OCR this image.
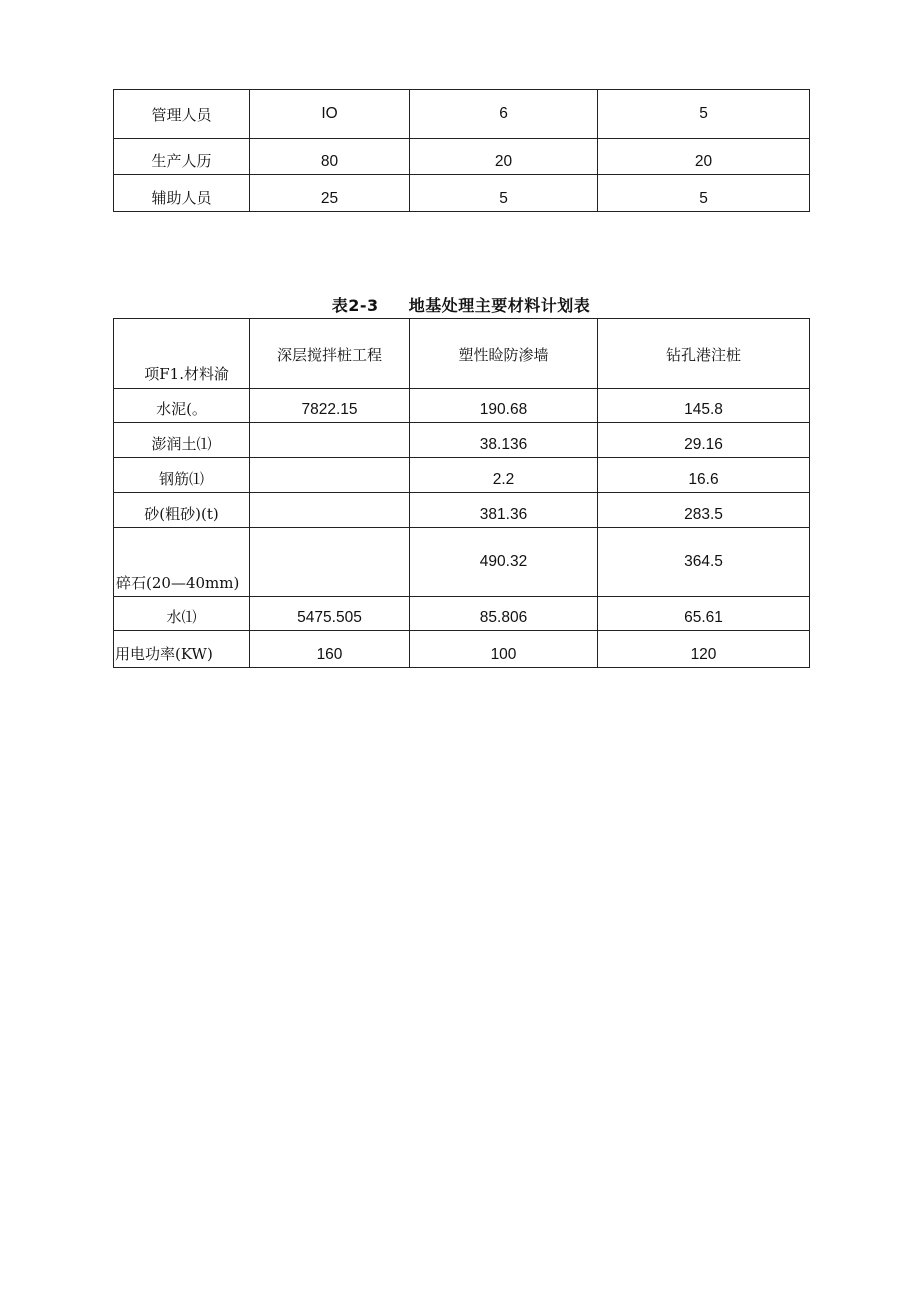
管理人员	IO	6	5
生产人历	80	20	20
辅助人员	25	5	5
表2-3 地基处理主要材料计划表
项F1.材料渝	深层搅拌桩工程	塑性睑防渗墙	钻孔港注桩
水泥(。	7822.15	190.68	145.8
澎润土⑴		38.136	29.16
钢筋⑴		2.2	16.6
砂(粗砂)(t)		381.36	283.5
碎石(20—40mm)		490.32	364.5
水⑴	5475.505	85.806	65.61
用电功率(KW)	160	100	120
